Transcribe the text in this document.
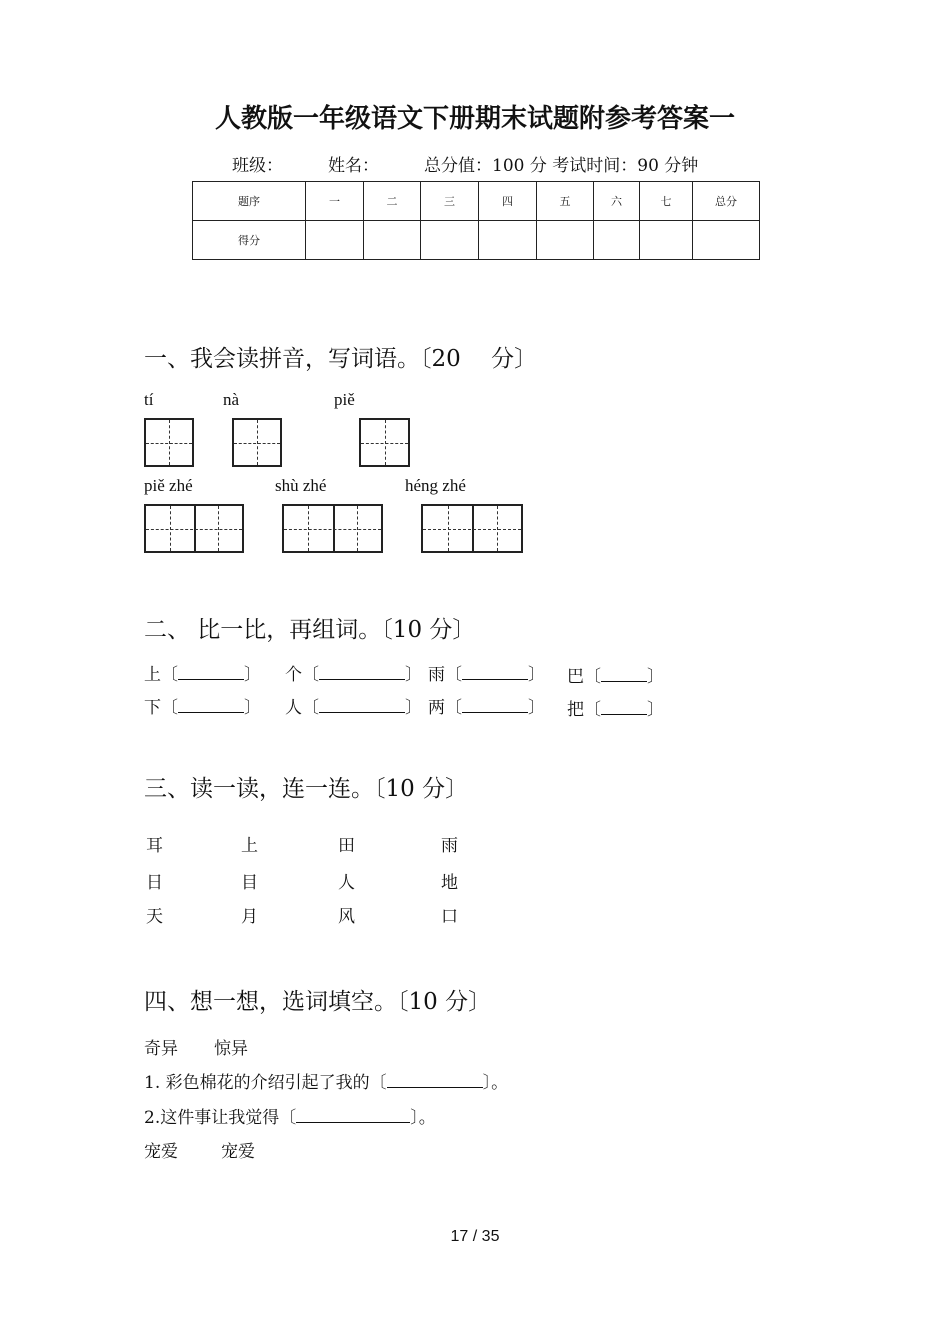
人教版一年级语文下册期末试题附参考答案一
班级：	姓名：	总分值：100 分 考试时间：90 分钟
题序	一	二	三	四	五	六	七	总分
得分								
一、我会读拼音，写词语。〔20　 分〕
tí	nà	piě
piě zhé	shù zhé	héng zhé
二、 比一比，再组词。〔10 分〕
上〔	〕 个〔	〕 雨〔	〕 巴〔	〕
下〔	〕 人〔	〕 两〔	〕 把〔	〕
三、读一读，连一连。〔10 分〕
耳	上	田	雨
日	目	人	地
天	月	风	口
四、想一想，选词填空。〔10 分〕
奇异 惊异
1. 彩色棉花的介绍引起了我的〔	〕。
2.这件事让我觉得〔	〕。
宠爱	宠爱
17 / 35
